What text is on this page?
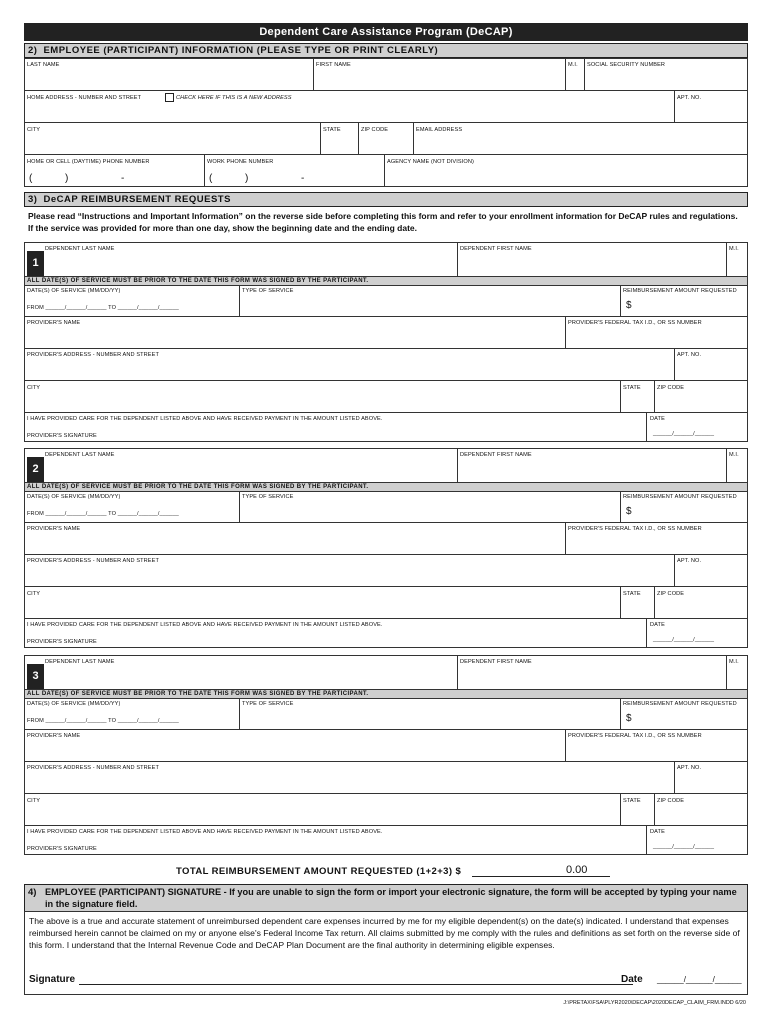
Dependent Care Assistance Program (DeCAP)
2) EMPLOYEE (PARTICIPANT) INFORMATION (PLEASE TYPE OR PRINT CLEARLY)
LAST NAME	FIRST NAME	M.I. SOCIAL SECURITY NUMBER
HOME ADDRESS - NUMBER AND STREET	CHECK HERE IF THIS IS A NEW ADDRESS	APT. NO.
CITY	STATE	ZIP CODE	EMAIL ADDRESS
HOME OR CELL (DAYTIME) PHONE NUMBER
(	)	-
WORK PHONE NUMBER
(	)	-
AGENCY NAME (NOT DIVISION)
3) DeCAP REIMBURSEMENT REQUESTS
Please read “Instructions and Important Information” on the reverse side before completing this form and refer to your enrollment information for DeCAP rules and regulations. If the service was provided for more than one day, show the beginning date and the ending date.
1
DEPENDENT LAST NAME	DEPENDENT FIRST NAME	M.I.
ALL DATE(S) OF SERVICE MUST BE PRIOR TO THE DATE THIS FORM WAS SIGNED BY THE PARTICIPANT.
DATE(S) OF SERVICE (MM/DD/YY)
FROM ______/______/______ TO ______/______/______
TYPE OF SERVICE	REIMBURSEMENT AMOUNT REQUESTED
$
PROVIDER'S NAME	PROVIDER'S FEDERAL TAX I.D., OR SS NUMBER
PROVIDER'S ADDRESS - NUMBER AND STREET	APT. NO.
CITY	STATE	ZIP CODE
I HAVE PROVIDED CARE FOR THE DEPENDENT LISTED ABOVE AND HAVE RECEIVED PAYMENT IN THE AMOUNT LISTED ABOVE.
PROVIDER'S SIGNATURE
DATE
______/______/______
2
DEPENDENT LAST NAME	DEPENDENT FIRST NAME	M.I.
ALL DATE(S) OF SERVICE MUST BE PRIOR TO THE DATE THIS FORM WAS SIGNED BY THE PARTICIPANT.
DATE(S) OF SERVICE (MM/DD/YY)
FROM ______/______/______ TO ______/______/______
TYPE OF SERVICE	REIMBURSEMENT AMOUNT REQUESTED
$
PROVIDER'S NAME	PROVIDER'S FEDERAL TAX I.D., OR SS NUMBER
PROVIDER'S ADDRESS - NUMBER AND STREET	APT. NO.
CITY	STATE	ZIP CODE
I HAVE PROVIDED CARE FOR THE DEPENDENT LISTED ABOVE AND HAVE RECEIVED PAYMENT IN THE AMOUNT LISTED ABOVE.
PROVIDER'S SIGNATURE
DATE
______/______/______
3
DEPENDENT LAST NAME	DEPENDENT FIRST NAME	M.I.
ALL DATE(S) OF SERVICE MUST BE PRIOR TO THE DATE THIS FORM WAS SIGNED BY THE PARTICIPANT.
DATE(S) OF SERVICE (MM/DD/YY)
FROM ______/______/______ TO ______/______/______
TYPE OF SERVICE	REIMBURSEMENT AMOUNT REQUESTED
$
PROVIDER'S NAME	PROVIDER'S FEDERAL TAX I.D., OR SS NUMBER
PROVIDER'S ADDRESS - NUMBER AND STREET	APT. NO.
CITY	STATE	ZIP CODE
I HAVE PROVIDED CARE FOR THE DEPENDENT LISTED ABOVE AND HAVE RECEIVED PAYMENT IN THE AMOUNT LISTED ABOVE.
PROVIDER'S SIGNATURE
DATE
______/______/______
TOTAL REIMBURSEMENT AMOUNT REQUESTED (1+2+3) $	0.00
4) EMPLOYEE (PARTICIPANT) SIGNATURE - If you are unable to sign the form or import your electronic signature, the form will be accepted by typing your name in the signature field.
The above is a true and accurate statement of unreimbursed dependent care expenses incurred by me for my eligible dependent(s) on the date(s) indicated. I understand that expenses reimbursed herein cannot be claimed on my or anyone else's Federal Income Tax return. All claims submitted by me comply with the rules and definitions as set forth on the reverse side of this form. I understand that the Internal Revenue Code and DeCAP Plan Document are the final authority in determining eligible expenses.
Signature	Date ______/______/______
J:\PRETAX\FSA\PLYR2020\DECAP\2020DECAP_CLAIM_FRM.INDD 6/20
